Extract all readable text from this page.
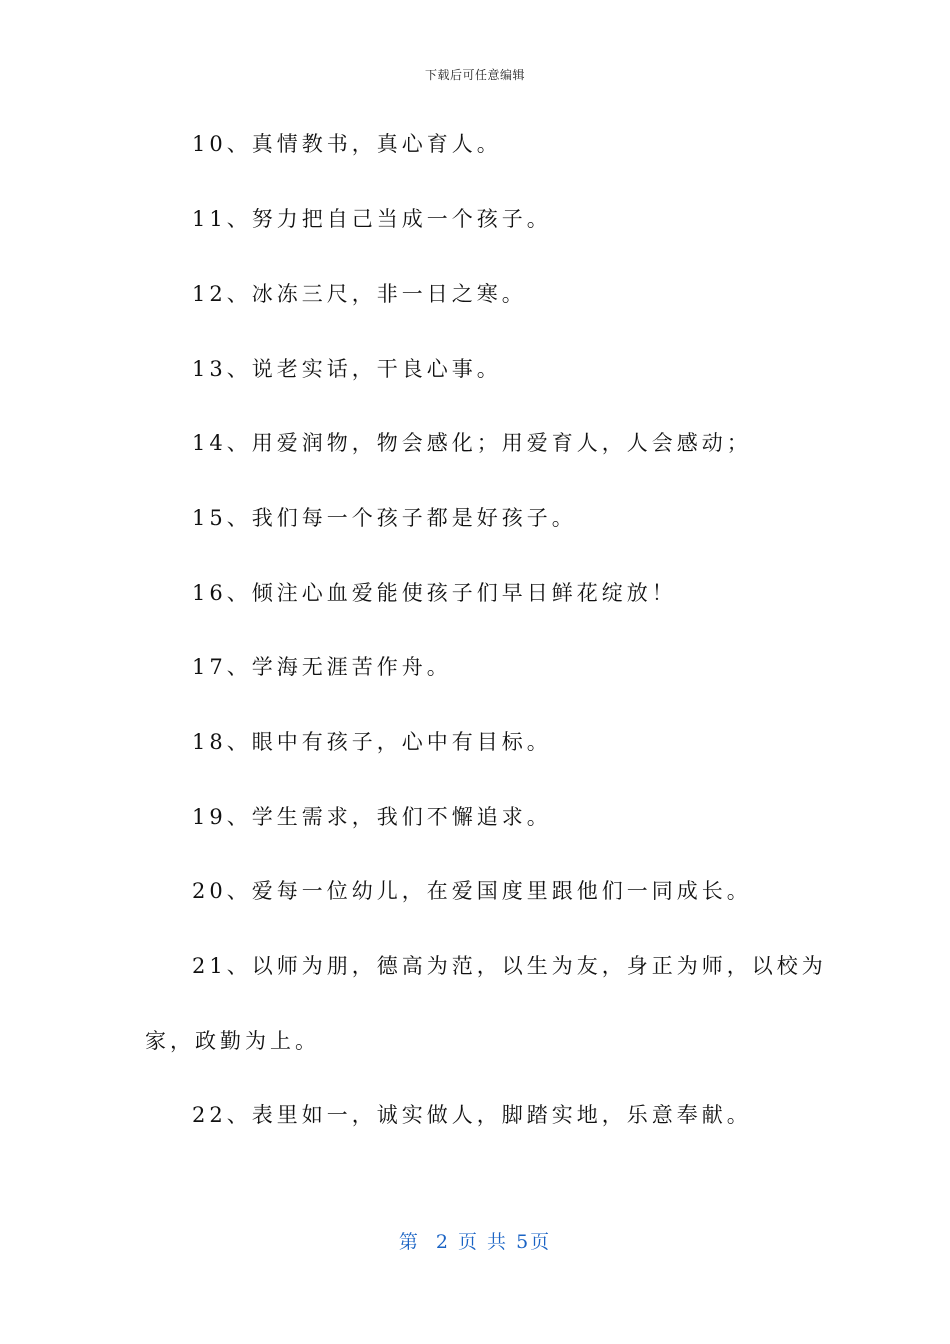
下载后可任意编辑
10、真情教书，真心育人。
11、努力把自己当成一个孩子。
12、冰冻三尺，非一日之寒。
13、说老实话，干良心事。
14、用爱润物，物会感化；用爱育人，人会感动；
15、我们每一个孩子都是好孩子。
16、倾注心血爱能使孩子们早日鲜花绽放！
17、学海无涯苦作舟。
18、眼中有孩子，心中有目标。
19、学生需求，我们不懈追求。
20、爱每一位幼儿，在爱国度里跟他们一同成长。
21、以师为朋，德高为范，以生为友，身正为师，以校为
家，政勤为上。
22、表里如一，诚实做人，脚踏实地，乐意奉献。
第  2 页 共 5页
